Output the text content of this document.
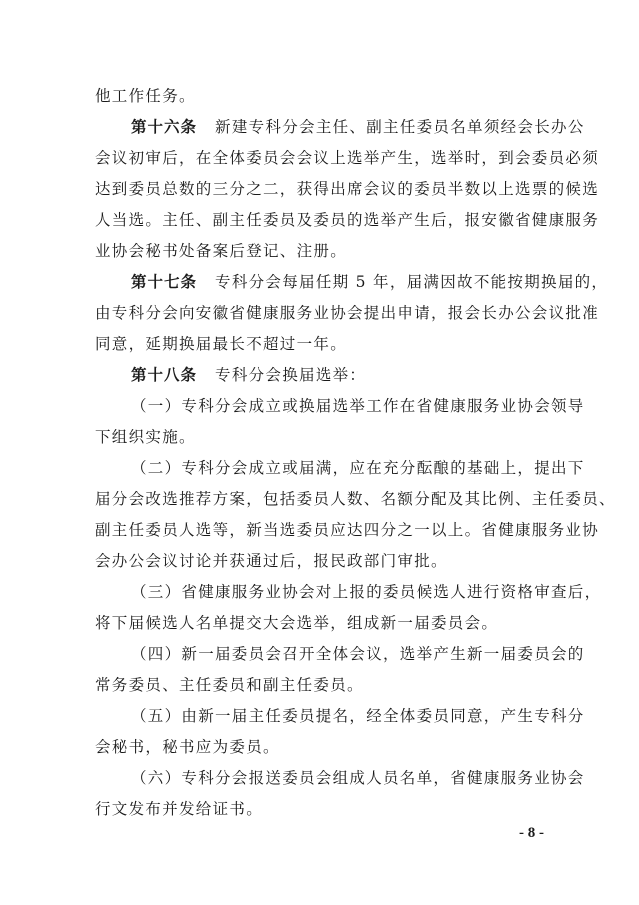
他工作任务。
第十六条 新建专科分会主任、副主任委员名单须经会长办公
会议初审后，在全体委员会会议上选举产生，选举时，到会委员必须
达到委员总数的三分之二，获得出席会议的委员半数以上选票的候选
人当选。主任、副主任委员及委员的选举产生后，报安徽省健康服务
业协会秘书处备案后登记、注册。
第十七条 专科分会每届任期 5 年，届满因故不能按期换届的，
由专科分会向安徽省健康服务业协会提出申请，报会长办公会议批准
同意，延期换届最长不超过一年。
第十八条 专科分会换届选举：
（一）专科分会成立或换届选举工作在省健康服务业协会领导
下组织实施。
（二）专科分会成立或届满，应在充分酝酿的基础上，提出下
届分会改选推荐方案，包括委员人数、名额分配及其比例、主任委员、
副主任委员人选等，新当选委员应达四分之一以上。省健康服务业协
会办公会议讨论并获通过后，报民政部门审批。
（三）省健康服务业协会对上报的委员候选人进行资格审查后，
将下届候选人名单提交大会选举，组成新一届委员会。
（四）新一届委员会召开全体会议，选举产生新一届委员会的
常务委员、主任委员和副主任委员。
（五）由新一届主任委员提名，经全体委员同意，产生专科分
会秘书，秘书应为委员。
（六）专科分会报送委员会组成人员名单，省健康服务业协会
行文发布并发给证书。
- 8 -
